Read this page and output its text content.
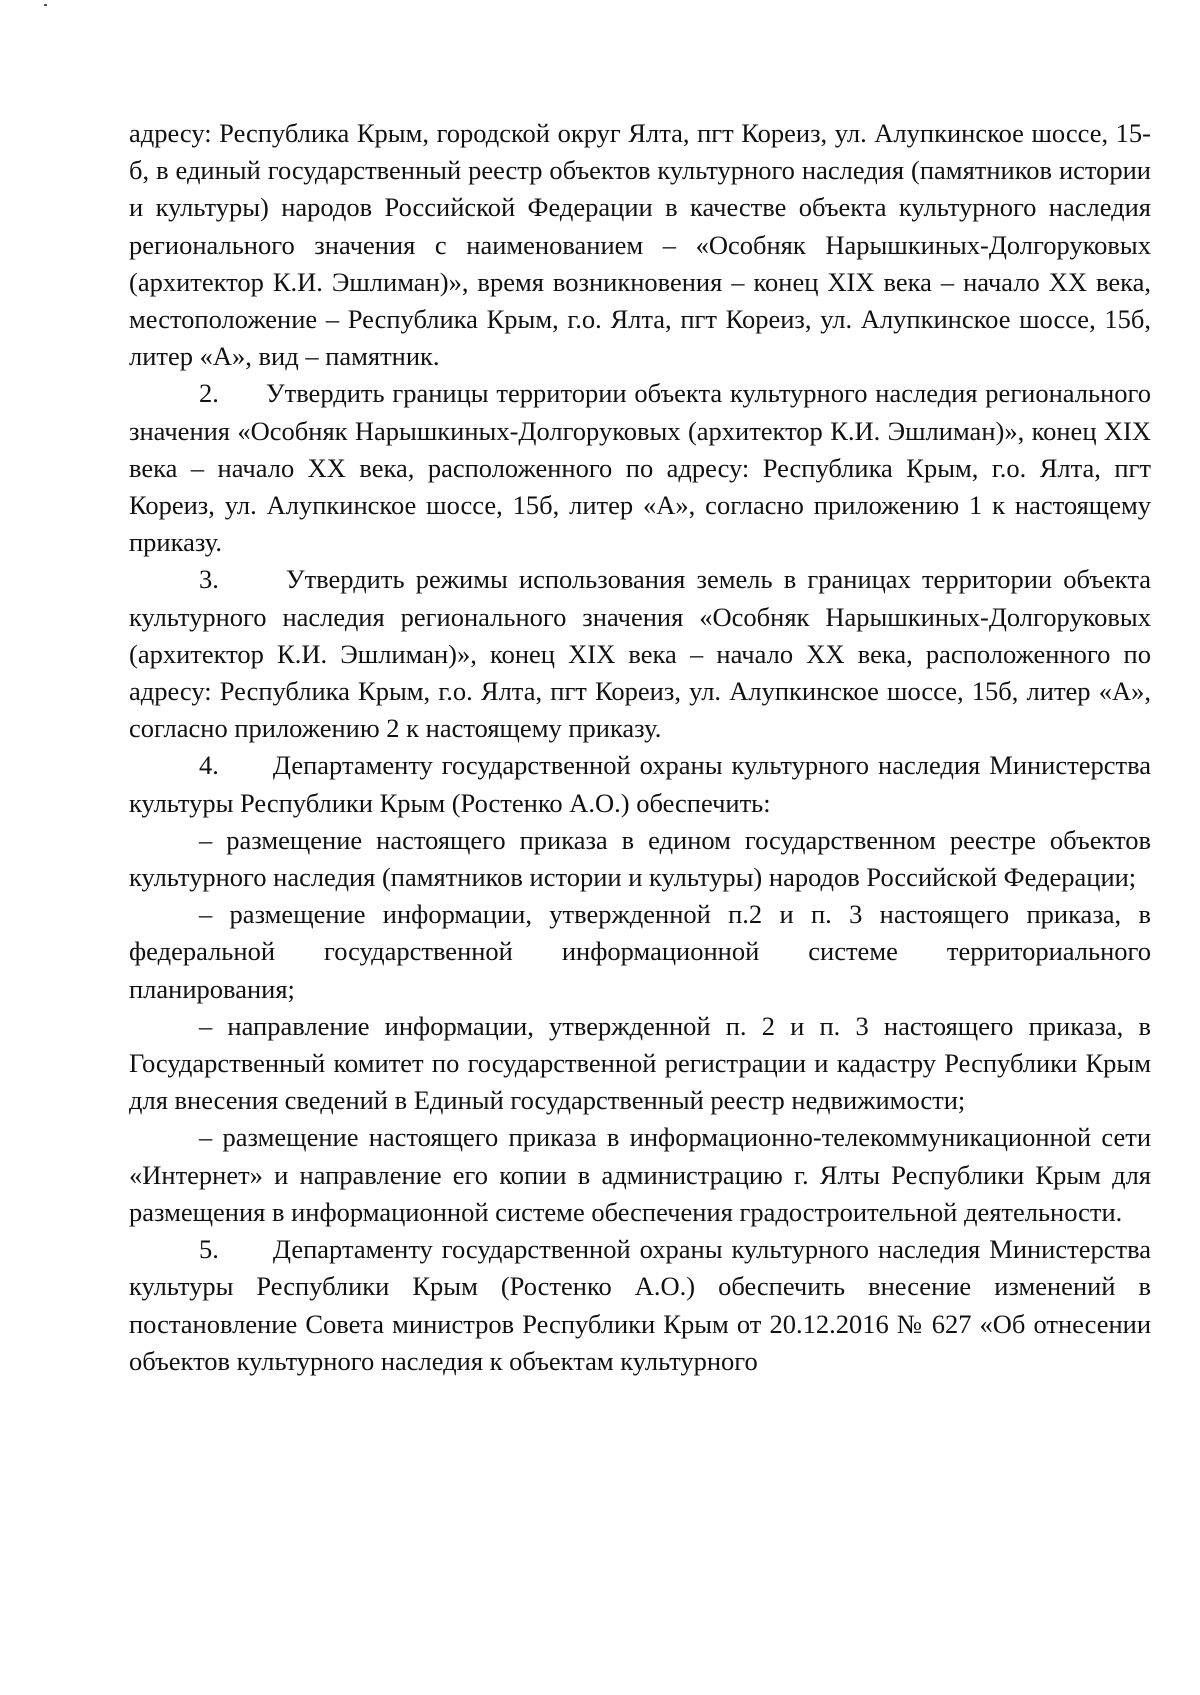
адресу: Республика Крым, городской округ Ялта, пгт Кореиз, ул. Алупкинское шоссе, 15-б, в единый государственный реестр объектов культурного наследия (памятников истории и культуры) народов Российской Федерации в качестве объекта культурного наследия регионального значения с наименованием – «Особняк Нарышкиных-Долгоруковых (архитектор К.И. Эшлиман)», время возникновения – конец XIX века – начало XX века, местоположение – Республика Крым, г.о. Ялта, пгт Кореиз, ул. Алупкинское шоссе, 15б, литер «А», вид – памятник.

2.      Утвердить границы территории объекта культурного наследия регионального значения «Особняк Нарышкиных-Долгоруковых (архитектор К.И. Эшлиман)», конец XIX века – начало XX века, расположенного по адресу: Республика Крым, г.о. Ялта, пгт Кореиз, ул. Алупкинское шоссе, 15б, литер «А», согласно приложению 1 к настоящему приказу.

3.      Утвердить режимы использования земель в границах территории объекта культурного наследия регионального значения «Особняк Нарышкиных-Долгоруковых (архитектор К.И. Эшлиман)», конец XIX века – начало XX века, расположенного по адресу: Республика Крым, г.о. Ялта, пгт Кореиз, ул. Алупкинское шоссе, 15б, литер «А», согласно приложению 2 к настоящему приказу.

4.      Департаменту государственной охраны культурного наследия Министерства культуры Республики Крым (Ростенко А.О.) обеспечить:

– размещение настоящего приказа в едином государственном реестре объектов культурного наследия (памятников истории и культуры) народов Российской Федерации;

– размещение информации, утвержденной п.2 и п. 3 настоящего приказа, в федеральной государственной информационной системе территориального планирования;

– направление информации, утвержденной п. 2 и п. 3 настоящего приказа, в Государственный комитет по государственной регистрации и кадастру Республики Крым для внесения сведений в Единый государственный реестр недвижимости;

– размещение настоящего приказа в информационно-телекоммуникационной сети «Интернет» и направление его копии в администрацию г. Ялты Республики Крым для размещения в информационной системе обеспечения градостроительной деятельности.

5.      Департаменту государственной охраны культурного наследия Министерства культуры Республики Крым (Ростенко А.О.) обеспечить внесение изменений в постановление Совета министров Республики Крым от 20.12.2016 № 627 «Об отнесении объектов культурного наследия к объектам культурного
